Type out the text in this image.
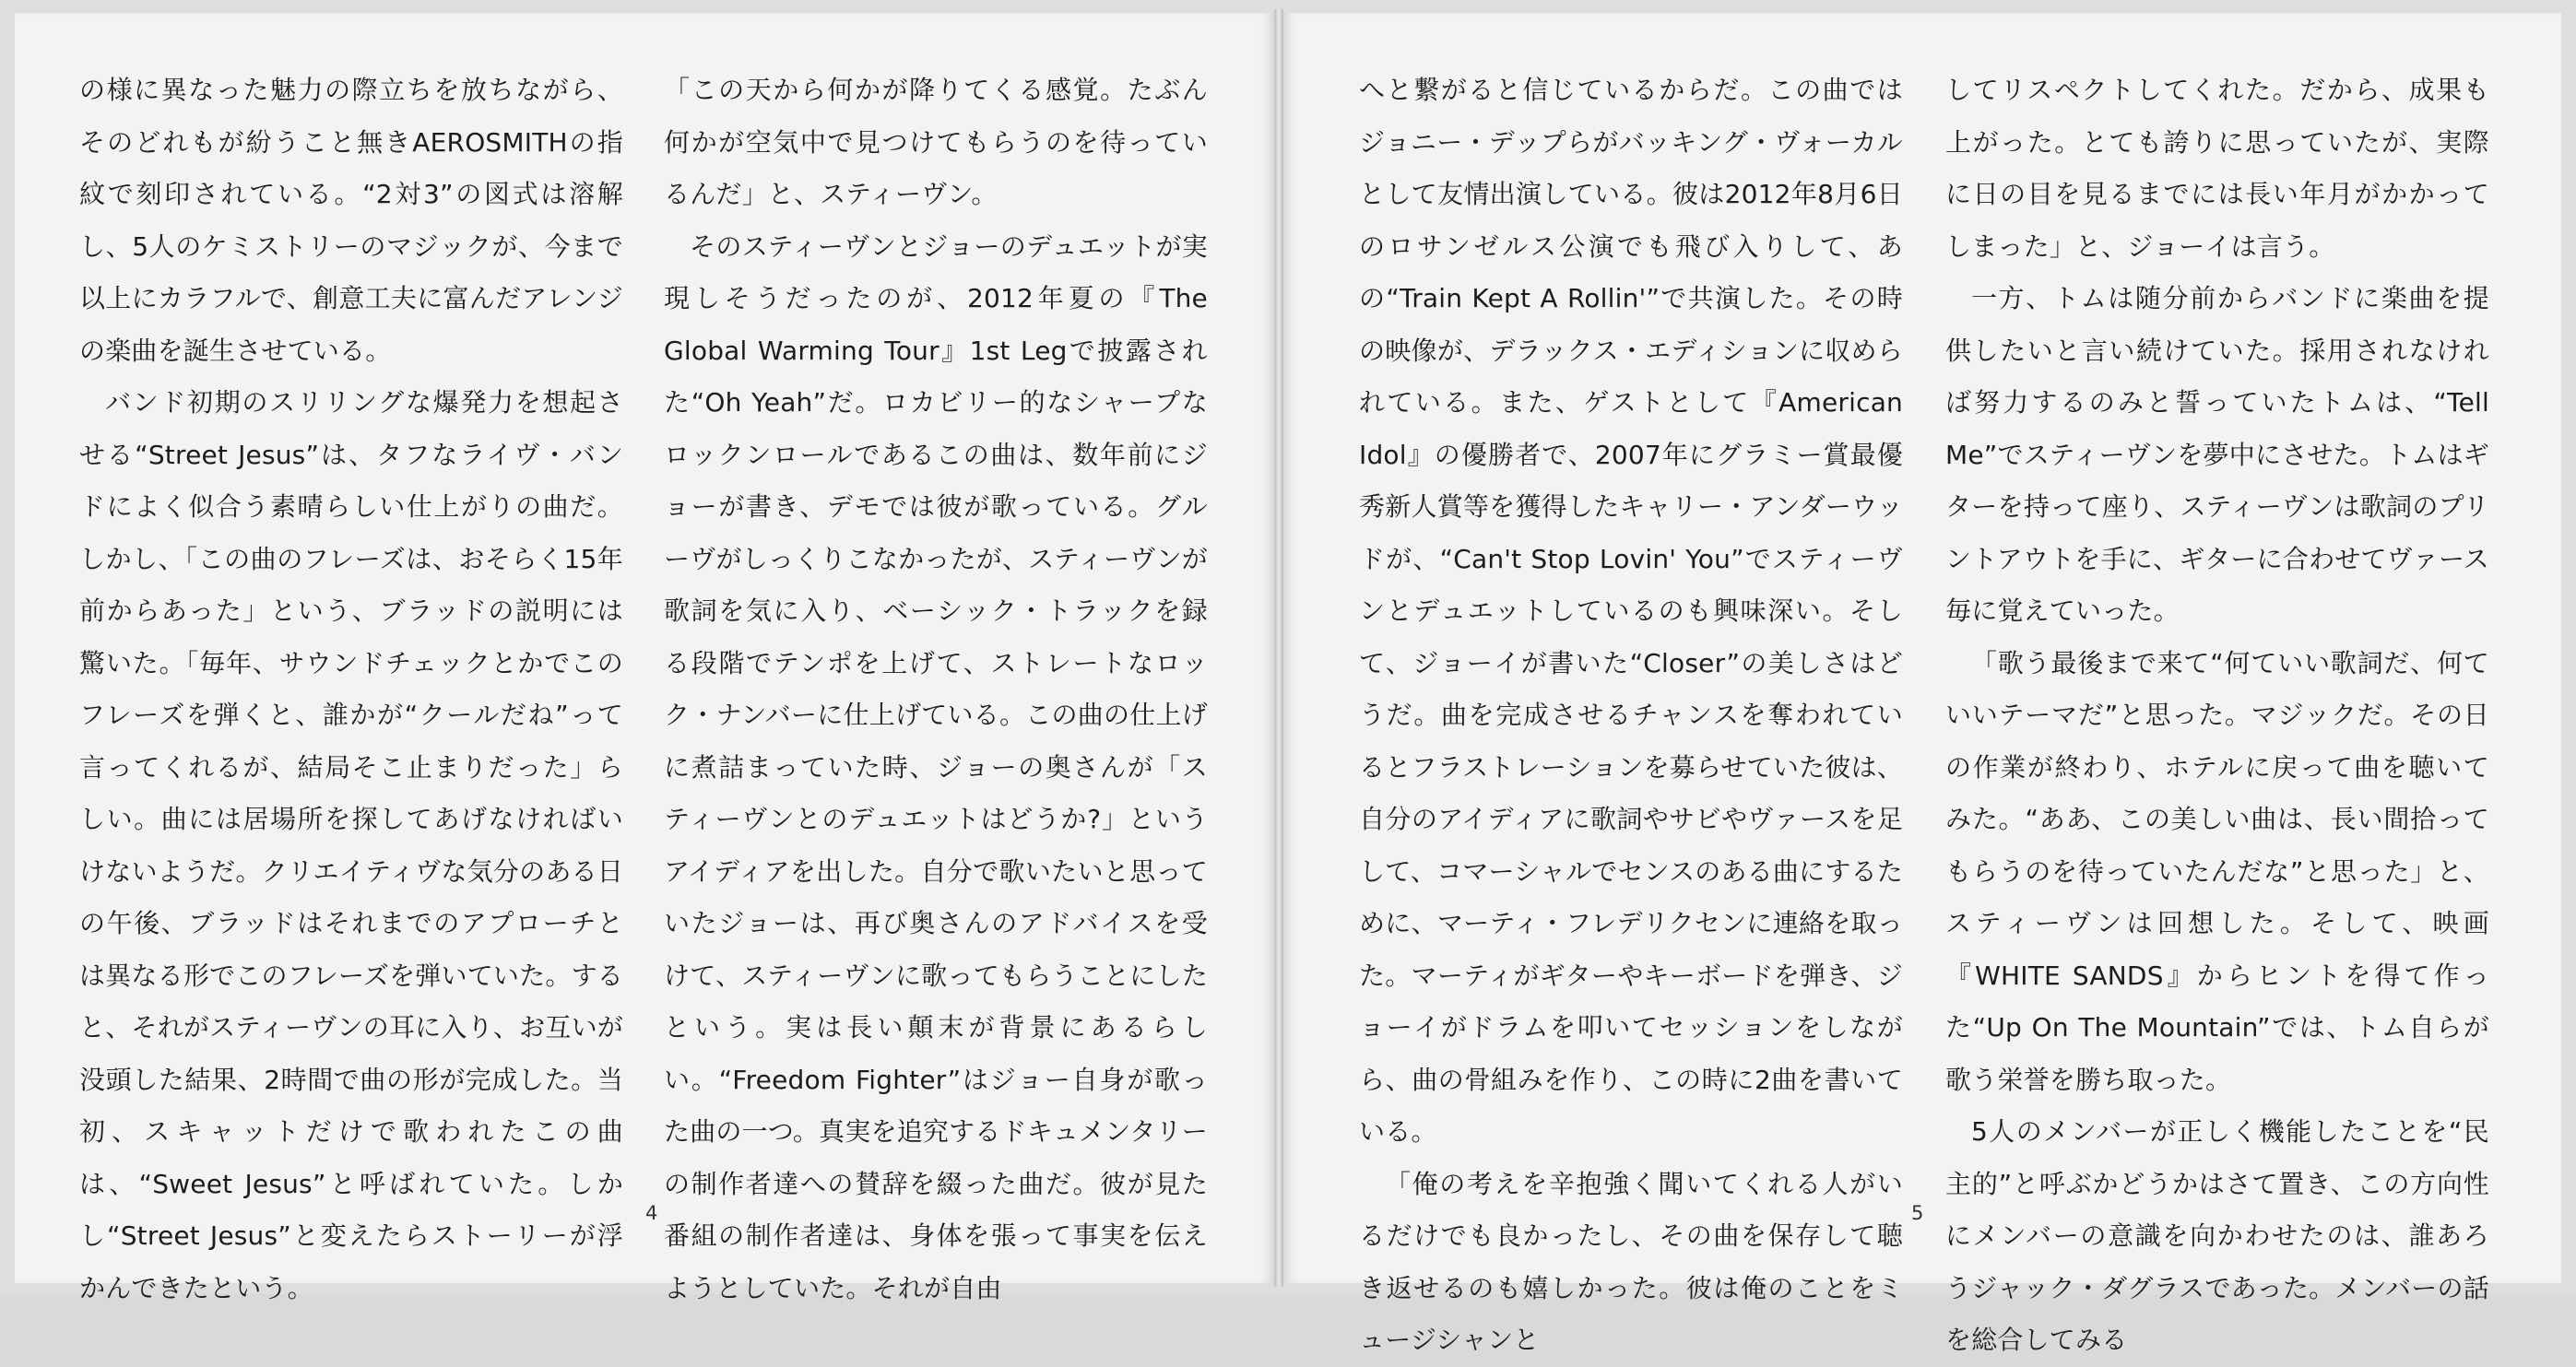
の様に異なった魅力の際立ちを放ちながら、そのどれもが紛うこと無きAEROSMITHの指紋で刻印されている。“2対3”の図式は溶解し、5人のケミストリーのマジックが、今まで以上にカラフルで、創意工夫に富んだアレンジの楽曲を誕生させている。

バンド初期のスリリングな爆発力を想起させる“Street Jesus”は、タフなライヴ・バンドによく似合う素晴らしい仕上がりの曲だ。しかし、「この曲のフレーズは、おそらく15年前からあった」という、ブラッドの説明には驚いた。「毎年、サウンドチェックとかでこのフレーズを弾くと、誰かが“クールだね”って言ってくれるが、結局そこ止まりだった」らしい。曲には居場所を探してあげなければいけないようだ。クリエイティヴな気分のある日の午後、ブラッドはそれまでのアプローチとは異なる形でこのフレーズを弾いていた。すると、それがスティーヴンの耳に入り、お互いが没頭した結果、2時間で曲の形が完成した。当初、スキャットだけで歌われたこの曲は、“Sweet Jesus”と呼ばれていた。しかし“Street Jesus”と変えたらストーリーが浮かんできたという。

「この天から何かが降りてくる感覚。たぶん何かが空気中で見つけてもらうのを待っているんだ」と、スティーヴン。

そのスティーヴンとジョーのデュエットが実現しそうだったのが、2012年夏の『The Global Warming Tour』1st Legで披露された“Oh Yeah”だ。ロカビリー的なシャープなロックンロールであるこの曲は、数年前にジョーが書き、デモでは彼が歌っている。グルーヴがしっくりこなかったが、スティーヴンが歌詞を気に入り、ベーシック・トラックを録る段階でテンポを上げて、ストレートなロック・ナンバーに仕上げている。この曲の仕上げに煮詰まっていた時、ジョーの奥さんが「スティーヴンとのデュエットはどうか?」というアイディアを出した。自分で歌いたいと思っていたジョーは、再び奥さんのアドバイスを受けて、スティーヴンに歌ってもらうことにしたという。実は長い顛末が背景にあるらしい。“Freedom Fighter”はジョー自身が歌った曲の一つ。真実を追究するドキュメンタリーの制作者達への賛辞を綴った曲だ。彼が見た番組の制作者達は、身体を張って事実を伝えようとしていた。それが自由

へと繋がると信じているからだ。この曲ではジョニー・デップらがバッキング・ヴォーカルとして友情出演している。彼は2012年8月6日のロサンゼルス公演でも飛び入りして、あの“Train Kept A Rollin'”で共演した。その時の映像が、デラックス・エディションに収められている。また、ゲストとして『American Idol』の優勝者で、2007年にグラミー賞最優秀新人賞等を獲得したキャリー・アンダーウッドが、“Can't Stop Lovin' You”でスティーヴンとデュエットしているのも興味深い。そして、ジョーイが書いた“Closer”の美しさはどうだ。曲を完成させるチャンスを奪われているとフラストレーションを募らせていた彼は、自分のアイディアに歌詞やサビやヴァースを足して、コマーシャルでセンスのある曲にするために、マーティ・フレデリクセンに連絡を取った。マーティがギターやキーボードを弾き、ジョーイがドラムを叩いてセッションをしながら、曲の骨組みを作り、この時に2曲を書いている。

「俺の考えを辛抱強く聞いてくれる人がいるだけでも良かったし、その曲を保存して聴き返せるのも嬉しかった。彼は俺のことをミュージシャンと

してリスペクトしてくれた。だから、成果も上がった。とても誇りに思っていたが、実際に日の目を見るまでには長い年月がかかってしまった」と、ジョーイは言う。

一方、トムは随分前からバンドに楽曲を提供したいと言い続けていた。採用されなければ努力するのみと誓っていたトムは、“Tell Me”でスティーヴンを夢中にさせた。トムはギターを持って座り、スティーヴンは歌詞のプリントアウトを手に、ギターに合わせてヴァース毎に覚えていった。

「歌う最後まで来て“何ていい歌詞だ、何ていいテーマだ”と思った。マジックだ。その日の作業が終わり、ホテルに戻って曲を聴いてみた。“ああ、この美しい曲は、長い間拾ってもらうのを待っていたんだな”と思った」と、スティーヴンは回想した。そして、映画『WHITE SANDS』からヒントを得て作った“Up On The Mountain”では、トム自らが歌う栄誉を勝ち取った。

5人のメンバーが正しく機能したことを“民主的”と呼ぶかどうかはさて置き、この方向性にメンバーの意識を向かわせたのは、誰あろうジャック・ダグラスであった。メンバーの話を総合してみる

4	5
